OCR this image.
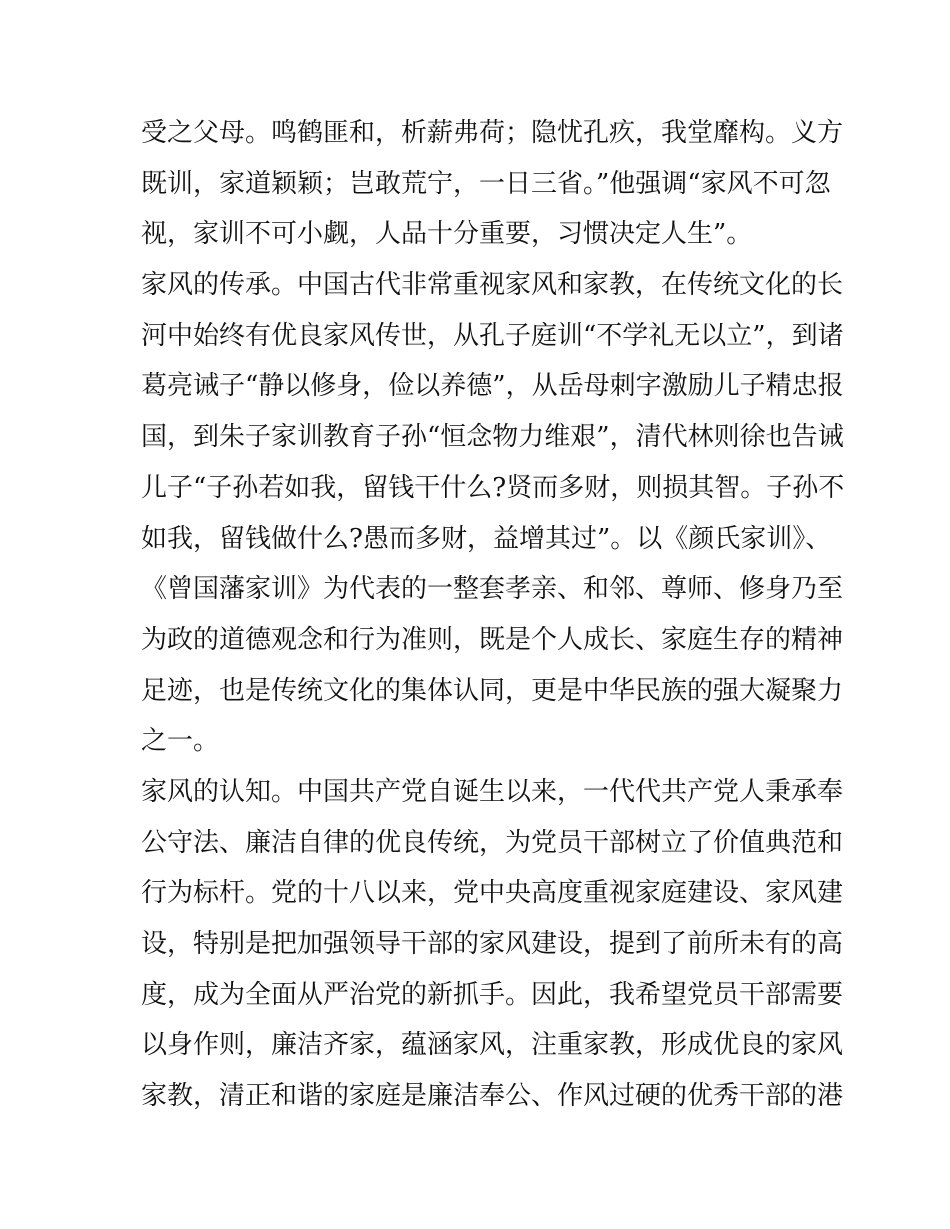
受之父母。鸣鹤匪和，析薪弗荷；隐忧孔疚，我堂靡构。义方
既训，家道颖颖；岂敢荒宁，一日三省。”他强调“家风不可忽
视，家训不可小觑，人品十分重要，习惯决定人生”。
家风的传承。中国古代非常重视家风和家教，在传统文化的长
河中始终有优良家风传世，从孔子庭训“不学礼无以立”，到诸
葛亮诫子“静以修身，俭以养德”，从岳母刺字激励儿子精忠报
国，到朱子家训教育子孙“恒念物力维艰”，清代林则徐也告诫
儿子“子孙若如我，留钱干什么?贤而多财，则损其智。子孙不
如我，留钱做什么?愚而多财，益增其过”。以《颜氏家训》、
《曾国藩家训》为代表的一整套孝亲、和邻、尊师、修身乃至
为政的道德观念和行为准则，既是个人成长、家庭生存的精神
足迹，也是传统文化的集体认同，更是中华民族的强大凝聚力
之一。
家风的认知。中国共产党自诞生以来，一代代共产党人秉承奉
公守法、廉洁自律的优良传统，为党员干部树立了价值典范和
行为标杆。党的十八以来，党中央高度重视家庭建设、家风建
设，特别是把加强领导干部的家风建设，提到了前所未有的高
度，成为全面从严治党的新抓手。因此，我希望党员干部需要
以身作则，廉洁齐家，蕴涵家风，注重家教，形成优良的家风
家教，清正和谐的家庭是廉洁奉公、作风过硬的优秀干部的港
